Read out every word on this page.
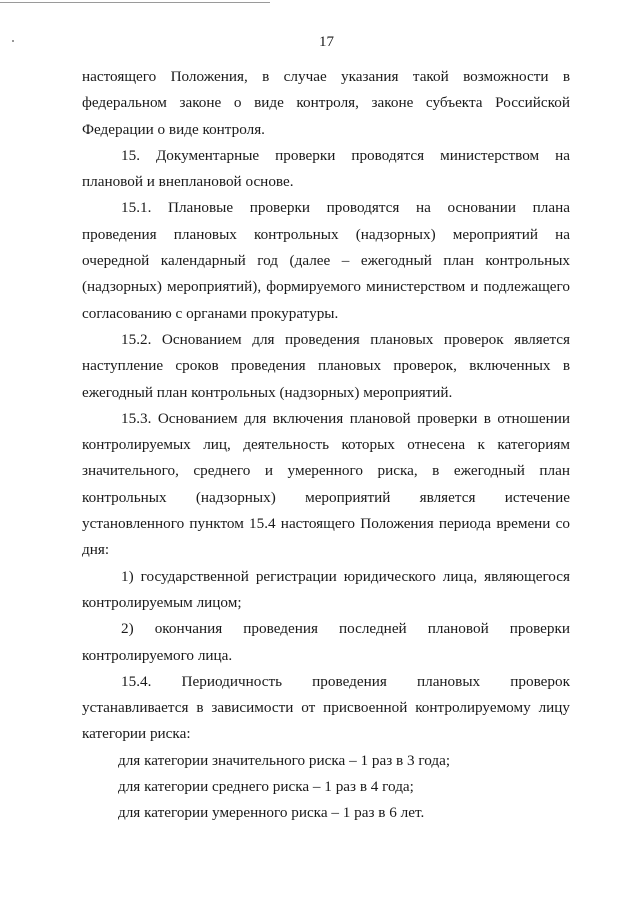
17

настоящего Положения, в случае указания такой возможности в федеральном законе о виде контроля, законе субъекта Российской Федерации о виде контроля.

15. Документарные проверки проводятся министерством на плановой и внеплановой основе.

15.1. Плановые проверки проводятся на основании плана проведения плановых контрольных (надзорных) мероприятий на очередной календарный год (далее – ежегодный план контрольных (надзорных) мероприятий), формируемого министерством и подлежащего согласованию с органами прокуратуры.

15.2. Основанием для проведения плановых проверок является наступление сроков проведения плановых проверок, включенных в ежегодный план контрольных (надзорных) мероприятий.

15.3. Основанием для включения плановой проверки в отношении контролируемых лиц, деятельность которых отнесена к категориям значительного, среднего и умеренного риска, в ежегодный план контрольных (надзорных) мероприятий является истечение установленного пунктом 15.4 настоящего Положения периода времени со дня:

1) государственной регистрации юридического лица, являющегося контролируемым лицом;

2) окончания проведения последней плановой проверки контролируемого лица.

15.4. Периодичность проведения плановых проверок устанавливается в зависимости от присвоенной контролируемому лицу категории риска:

для категории значительного риска – 1 раз в 3 года;

для категории среднего риска – 1 раз в 4 года;

для категории умеренного риска – 1 раз в 6 лет.
